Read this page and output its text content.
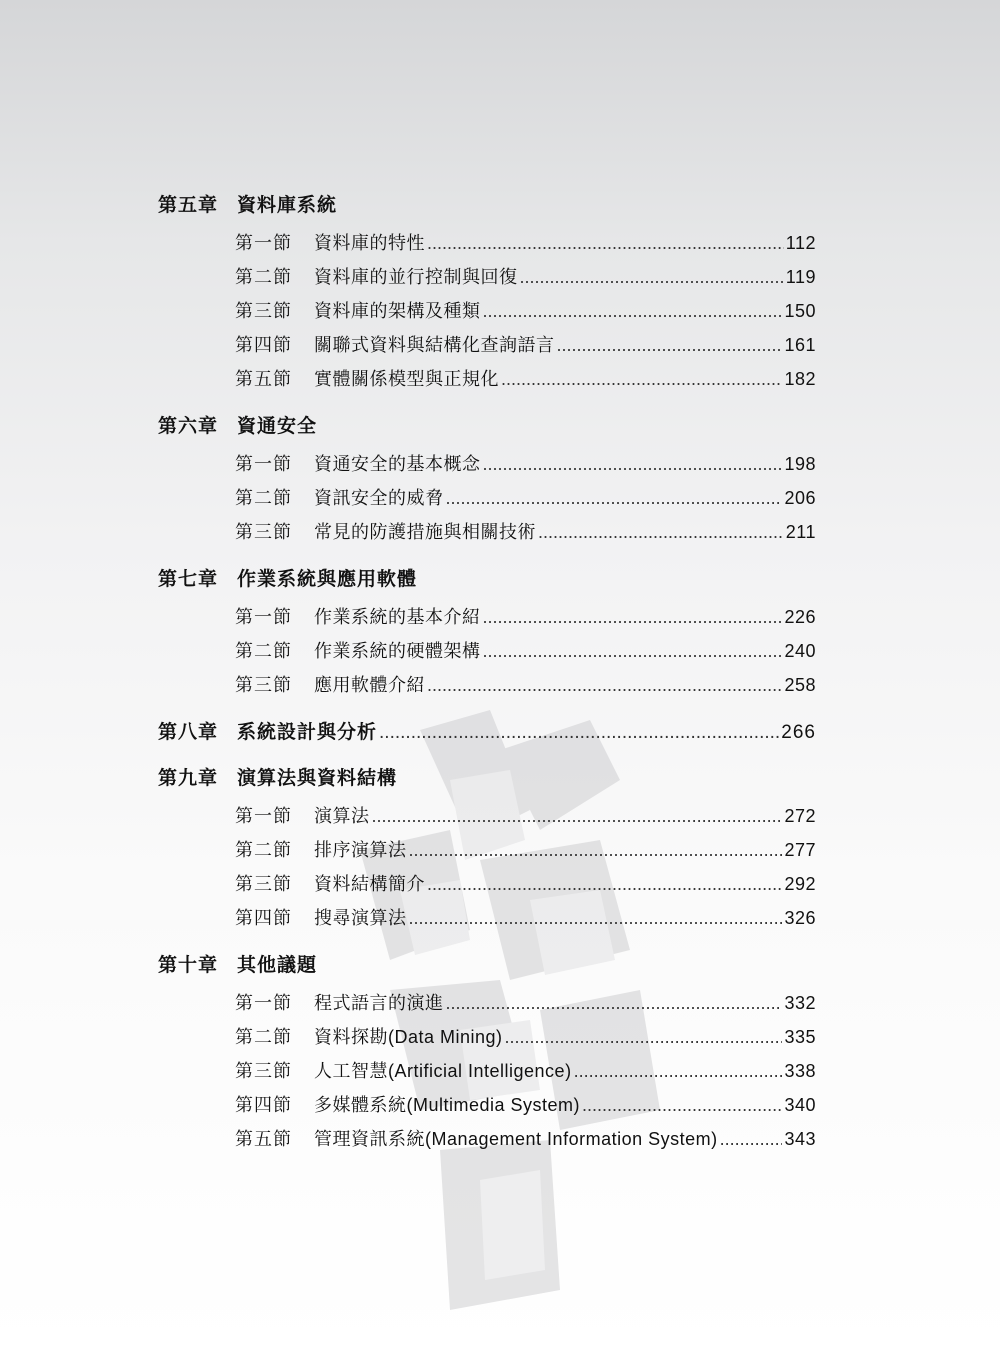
第五章 資料庫系統
第一節	資料庫的特性 .....	112
第二節	資料庫的並行控制與回復 .....	119
第三節	資料庫的架構及種類 .....	150
第四節	關聯式資料與結構化查詢語言 .....	161
第五節	實體關係模型與正規化 .....	182
第六章 資通安全
第一節	資通安全的基本概念 .....	198
第二節	資訊安全的威脅 .....	206
第三節	常見的防護措施與相關技術 .....	211
第七章 作業系統與應用軟體
第一節	作業系統的基本介紹 .....	226
第二節	作業系統的硬體架構 .....	240
第三節	應用軟體介紹 .....	258
第八章 系統設計與分析 .....	266
第九章 演算法與資料結構
第一節	演算法 .....	272
第二節	排序演算法 .....	277
第三節	資料結構簡介 .....	292
第四節	搜尋演算法 .....	326
第十章 其他議題
第一節	程式語言的演進 .....	332
第二節	資料探勘(Data Mining) .....	335
第三節	人工智慧(Artificial Intelligence) .....	338
第四節	多媒體系統(Multimedia System) .....	340
第五節	管理資訊系統(Management Information System) .....	343
